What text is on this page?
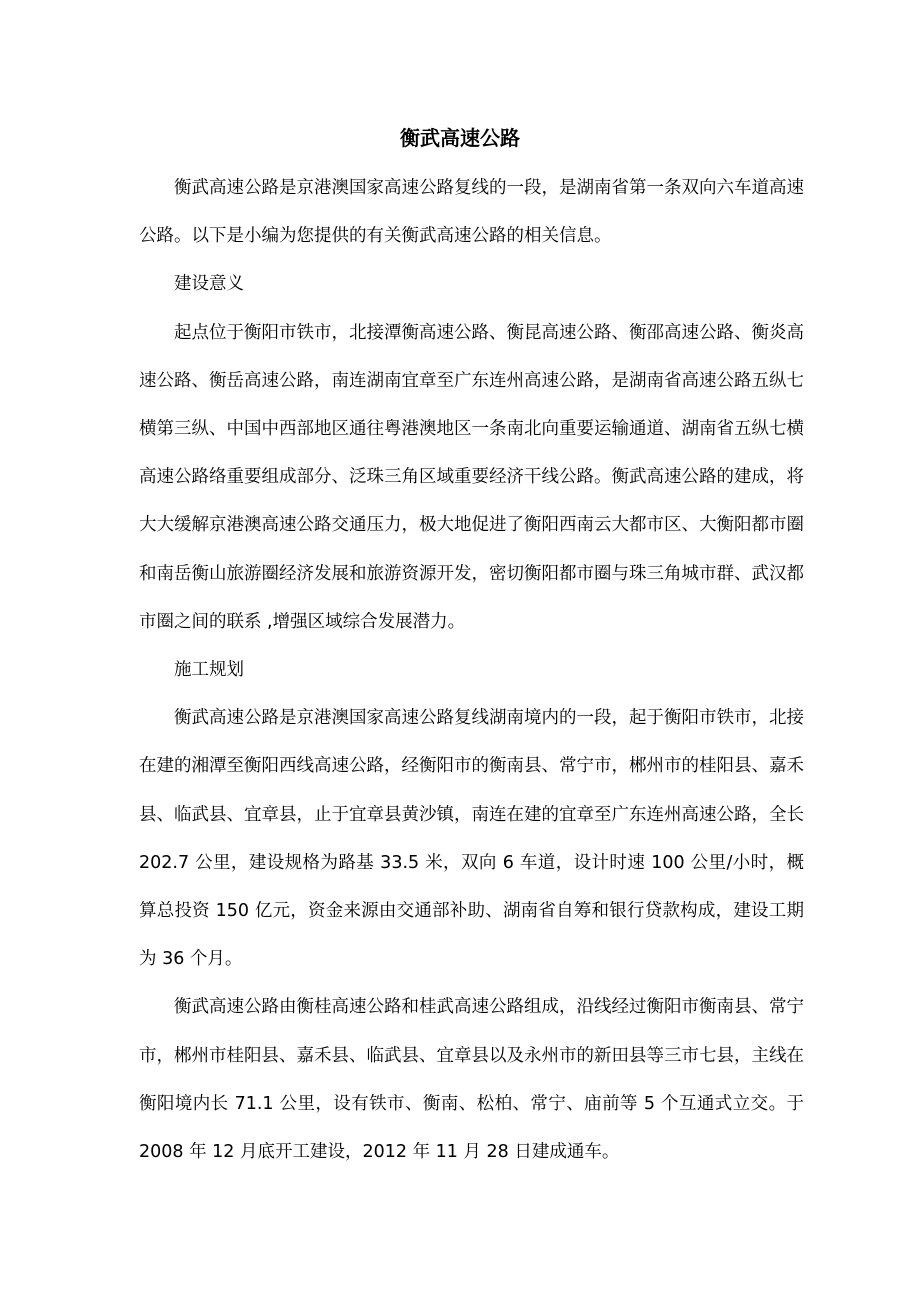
衡武高速公路

衡武高速公路是京港澳国家高速公路复线的一段，是湖南省第一条双向六车道高速公路。以下是小编为您提供的有关衡武高速公路的相关信息。

建设意义

起点位于衡阳市铁市，北接潭衡高速公路、衡昆高速公路、衡邵高速公路、衡炎高速公路、衡岳高速公路，南连湖南宜章至广东连州高速公路，是湖南省高速公路五纵七横第三纵、中国中西部地区通往粤港澳地区一条南北向重要运输通道、湖南省五纵七横高速公路络重要组成部分、泛珠三角区域重要经济干线公路。衡武高速公路的建成，将大大缓解京港澳高速公路交通压力，极大地促进了衡阳西南云大都市区、大衡阳都市圈和南岳衡山旅游圈经济发展和旅游资源开发，密切衡阳都市圈与珠三角城市群、武汉都市圈之间的联系 ,增强区域综合发展潜力。

施工规划

衡武高速公路是京港澳国家高速公路复线湖南境内的一段，起于衡阳市铁市，北接在建的湘潭至衡阳西线高速公路，经衡阳市的衡南县、常宁市，郴州市的桂阳县、嘉禾县、临武县、宜章县，止于宜章县黄沙镇，南连在建的宜章至广东连州高速公路，全长 202.7 公里，建设规格为路基 33.5 米，双向 6 车道，设计时速 100 公里/小时，概算总投资 150 亿元，资金来源由交通部补助、湖南省自筹和银行贷款构成，建设工期为 36 个月。

衡武高速公路由衡桂高速公路和桂武高速公路组成，沿线经过衡阳市衡南县、常宁市，郴州市桂阳县、嘉禾县、临武县、宜章县以及永州市的新田县等三市七县，主线在衡阳境内长 71.1 公里，设有铁市、衡南、松柏、常宁、庙前等 5 个互通式立交。于 2008 年 12 月底开工建设，2012 年 11 月 28 日建成通车。
